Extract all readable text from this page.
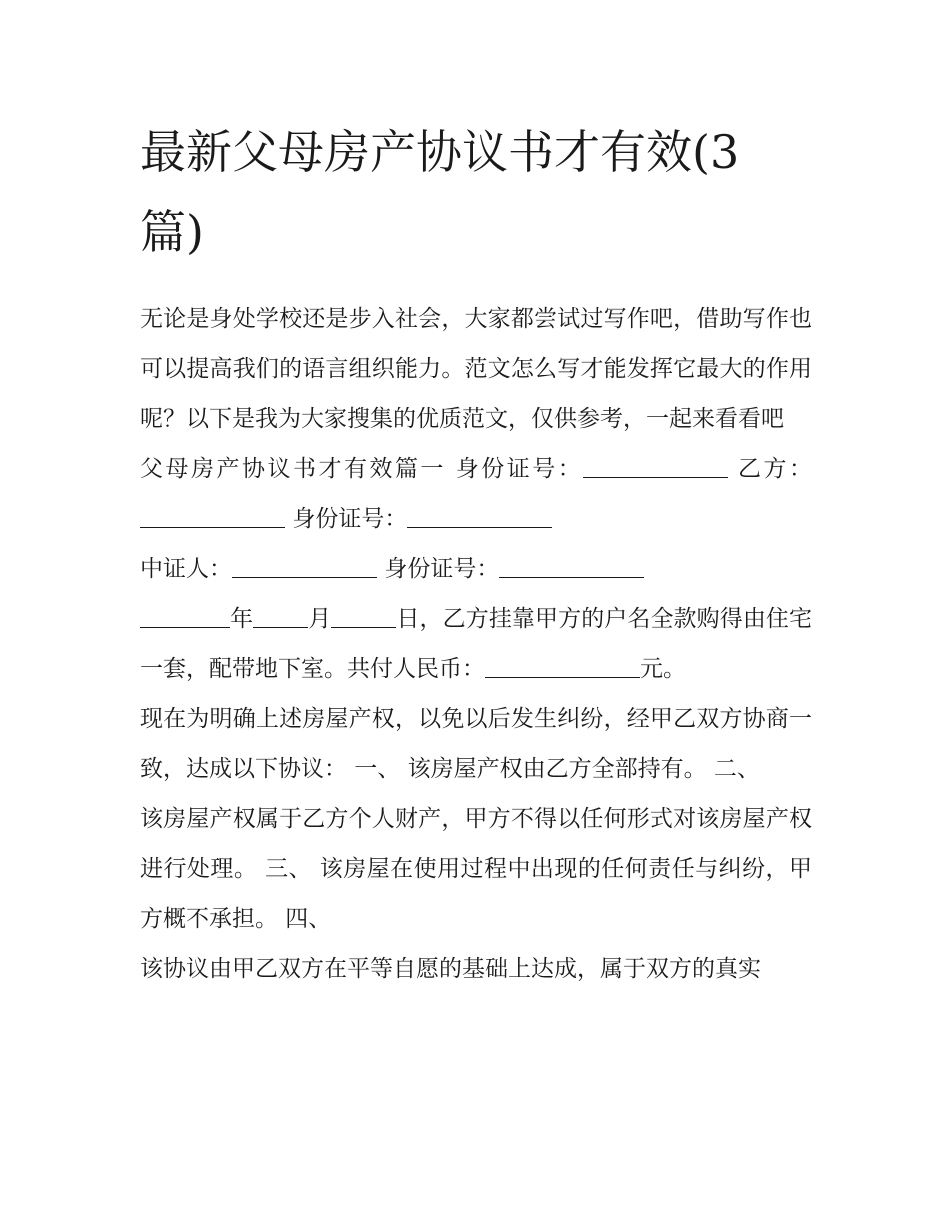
最新父母房产协议书才有效(3
篇)

无论是身处学校还是步入社会，大家都尝试过写作吧，借助写作也可以提高我们的语言组织能力。范文怎么写才能发挥它最大的作用呢？以下是我为大家搜集的优质范文，仅供参考，一起来看看吧

父母房产协议书才有效篇一 身份证号：	乙方： 身份证号：

中证人：	身份证号：

年 月	日，乙方挂靠甲方的户名全款购得由住宅一套，配带地下室。共付人民币：	元。

现在为明确上述房屋产权，以免以后发生纠纷，经甲乙双方协商一致，达成以下协议： 一、 该房屋产权由乙方全部持有。 二、

该房屋产权属于乙方个人财产，甲方不得以任何形式对该房屋产权进行处理。 三、 该房屋在使用过程中出现的任何责任与纠纷，甲方概不承担。 四、

该协议由甲乙双方在平等自愿的基础上达成，属于双方的真实
